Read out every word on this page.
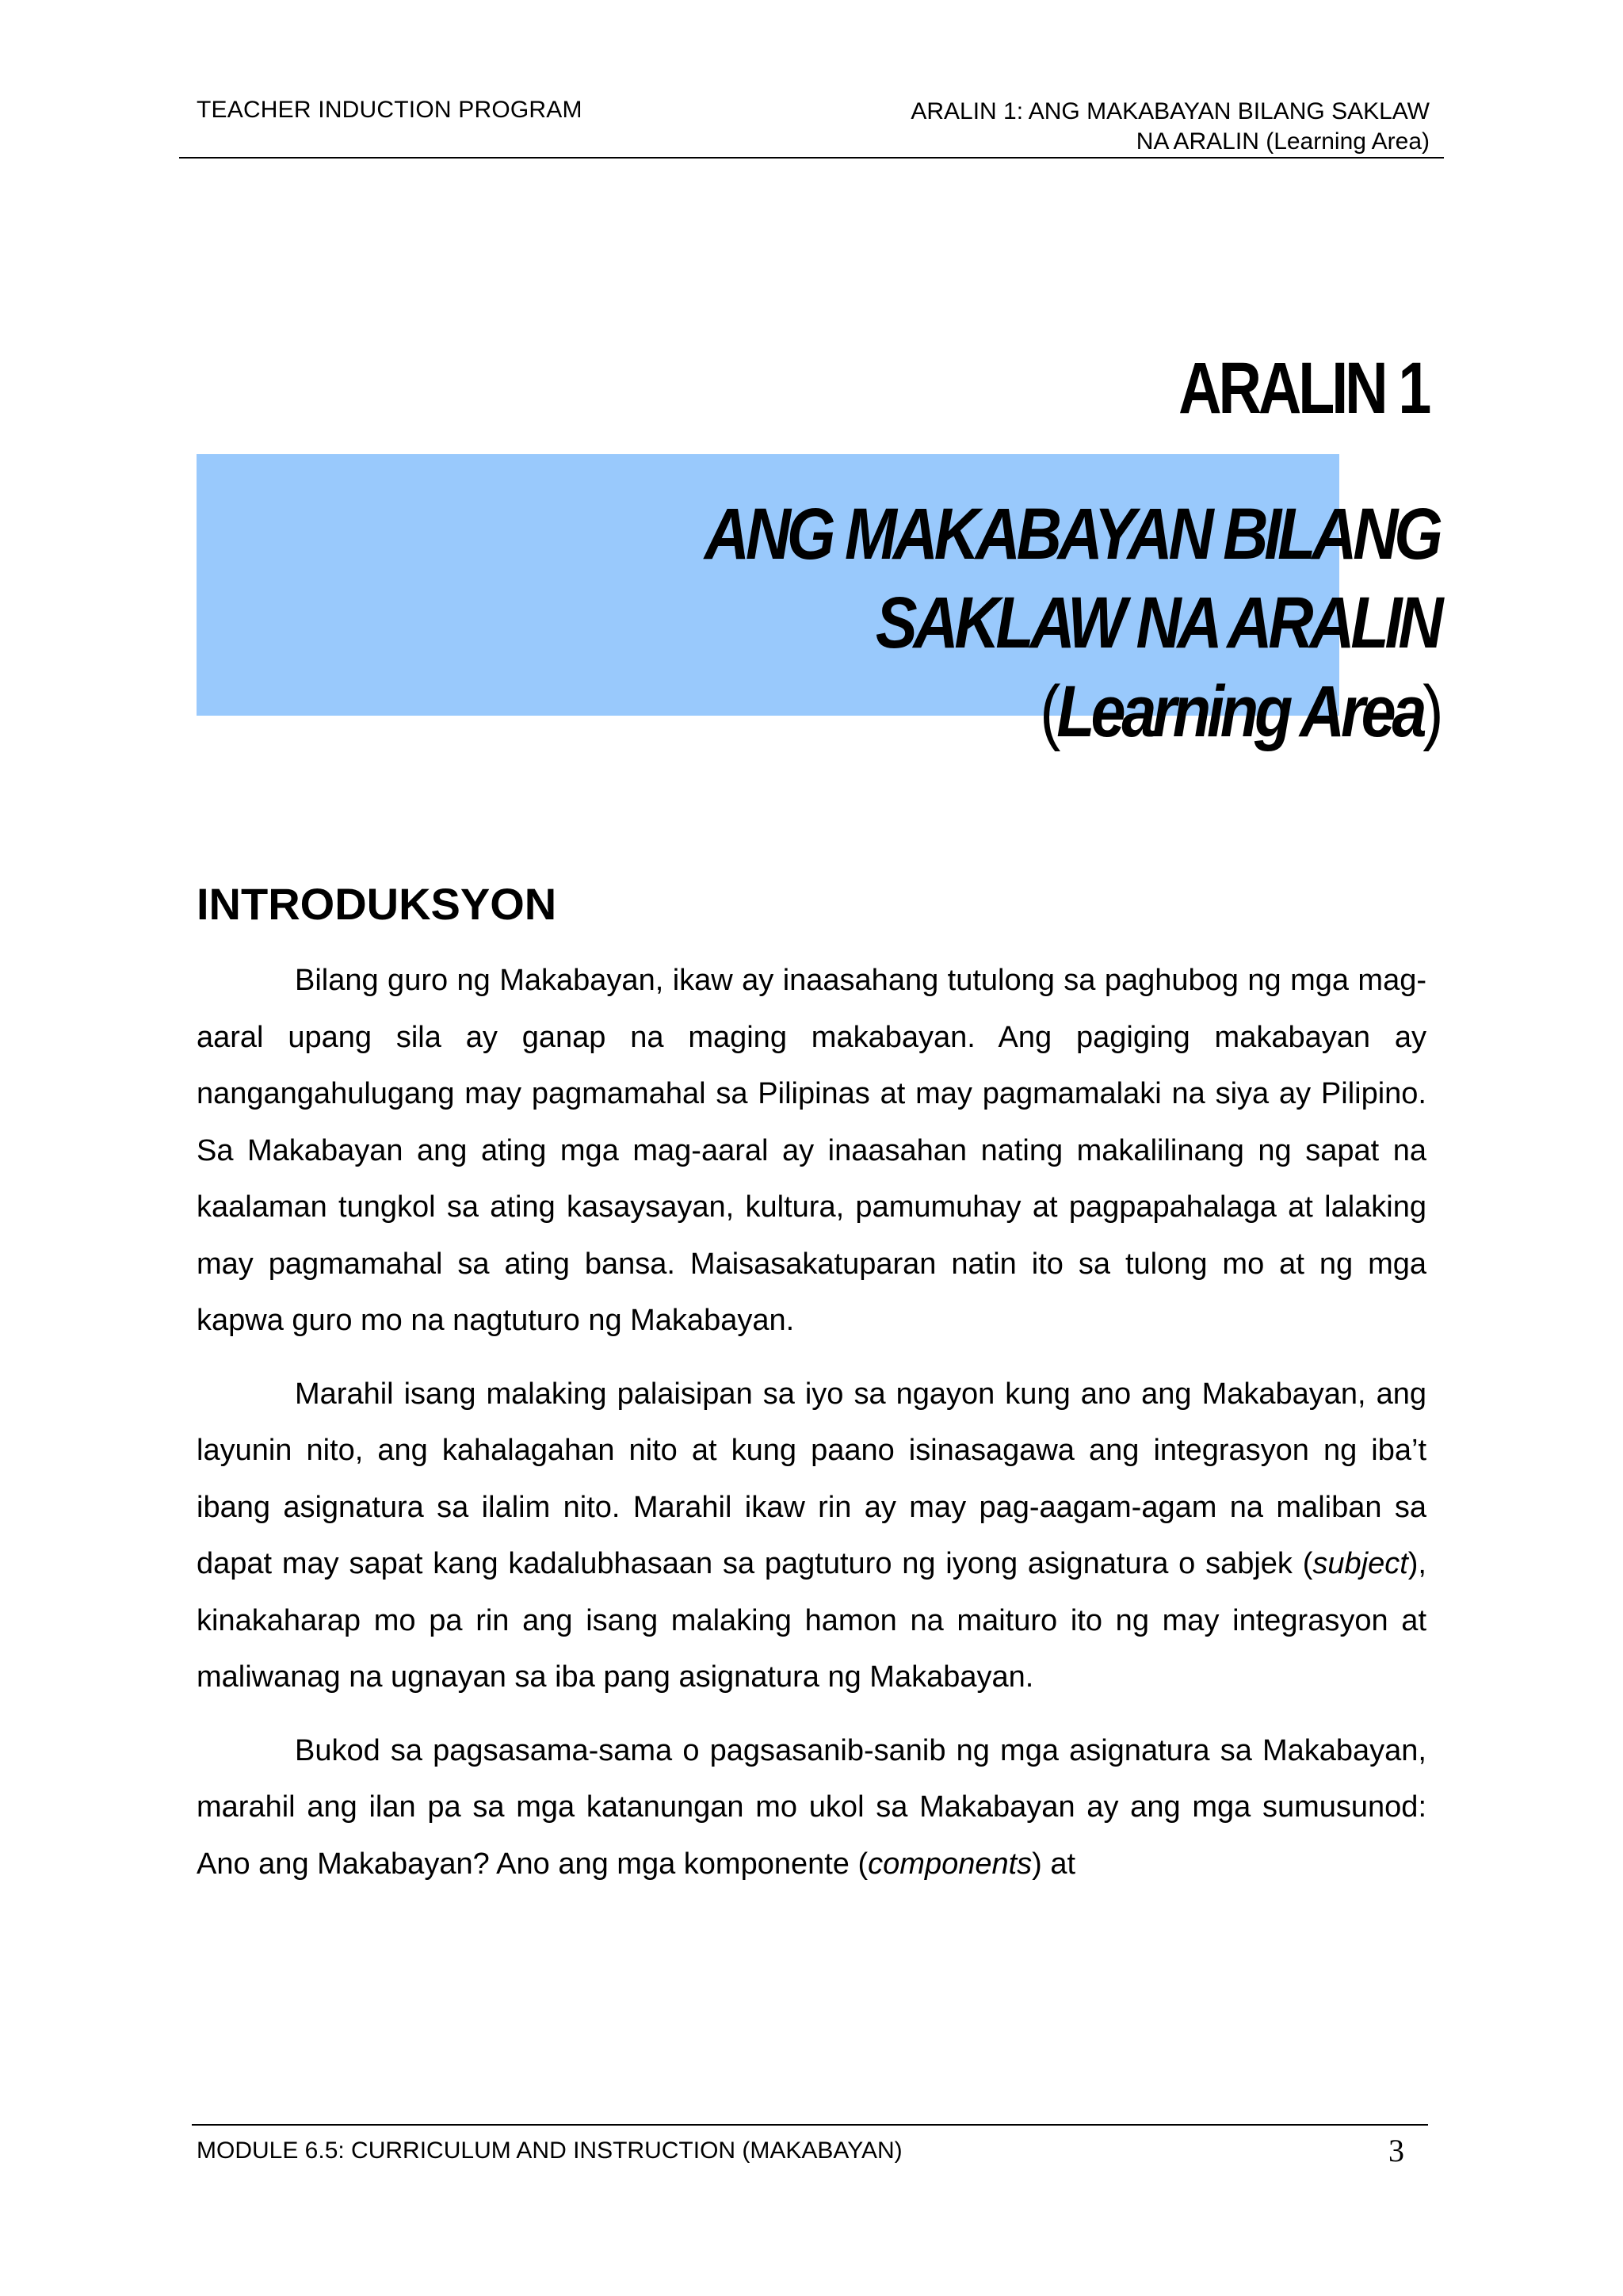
TEACHER INDUCTION PROGRAM	ARALIN 1: ANG MAKABAYAN BILANG SAKLAW
NA ARALIN (Learning Area)
ARALIN 1
ANG MAKABAYAN BILANG
SAKLAW NA ARALIN
(Learning Area)
INTRODUKSYON

Bilang guro ng Makabayan, ikaw ay inaasahang tutulong sa paghubog ng mga mag-aaral upang sila ay ganap na maging makabayan. Ang pagiging makabayan ay nangangahulugang may pagmamahal sa Pilipinas at may pagmamalaki na siya ay Pilipino. Sa Makabayan ang ating mga mag-aaral ay inaasahan nating makalilinang ng sapat na kaalaman tungkol sa ating kasaysayan, kultura, pamumuhay at pagpapahalaga at lalaking may pagmamahal sa ating bansa. Maisasakatuparan natin ito sa tulong mo at ng mga kapwa guro mo na nagtuturo ng Makabayan.

Marahil isang malaking palaisipan sa iyo sa ngayon kung ano ang Makabayan, ang layunin nito, ang kahalagahan nito at kung paano isinasagawa ang integrasyon ng iba’t ibang asignatura sa ilalim nito. Marahil ikaw rin ay may pag-aagam-agam na maliban sa dapat may sapat kang kadalubhasaan sa pagtuturo ng iyong asignatura o sabjek (subject), kinakaharap mo pa rin ang isang malaking hamon na maituro ito ng may integrasyon at maliwanag na ugnayan sa iba pang asignatura ng Makabayan.

Bukod sa pagsasama-sama o pagsasanib-sanib ng mga asignatura sa Makabayan, marahil ang ilan pa sa mga katanungan mo ukol sa Makabayan ay ang mga sumusunod: Ano ang Makabayan? Ano ang mga komponente (components) at

MODULE 6.5: CURRICULUM AND INSTRUCTION (MAKABAYAN)	3
